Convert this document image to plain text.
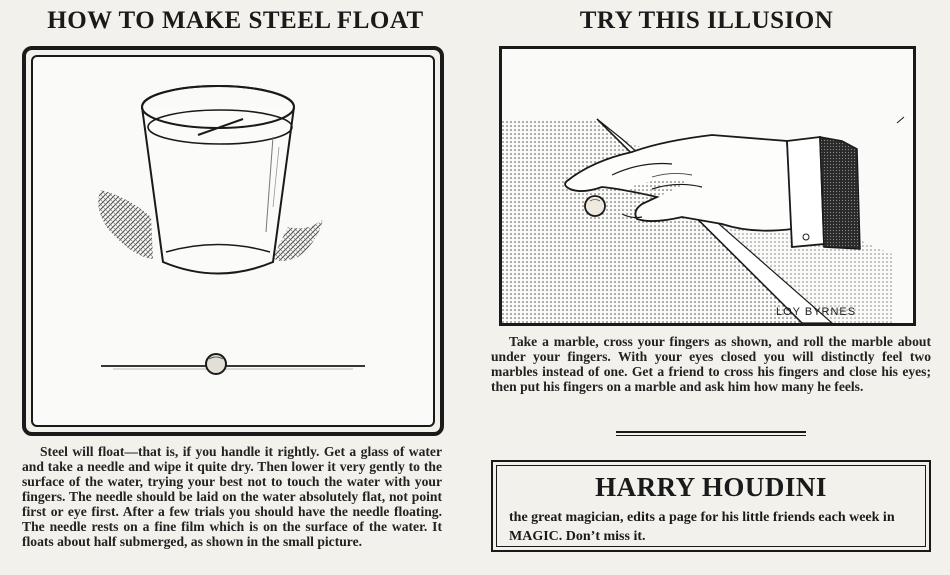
HOW TO MAKE STEEL FLOAT
Steel will float—that is, if you handle it rightly. Get a glass of water and take a needle and wipe it quite dry. Then lower it very gently to the surface of the water, trying your best not to touch the water with your fingers. The needle should be laid on the water absolutely flat, not point first or eye first. After a few trials you should have the needle floating. The needle rests on a fine film which is on the surface of the water. It floats about half submerged, as shown in the small picture.
TRY THIS ILLUSION
LOY BYRNES
Take a marble, cross your fingers as shown, and roll the marble about under your fingers. With your eyes closed you will distinctly feel two marbles instead of one. Get a friend to cross his fingers and close his eyes; then put his fingers on a marble and ask him how many he feels.
HARRY HOUDINI
the great magician, edits a page for his little friends each week in MAGIC. Don’t miss it.
